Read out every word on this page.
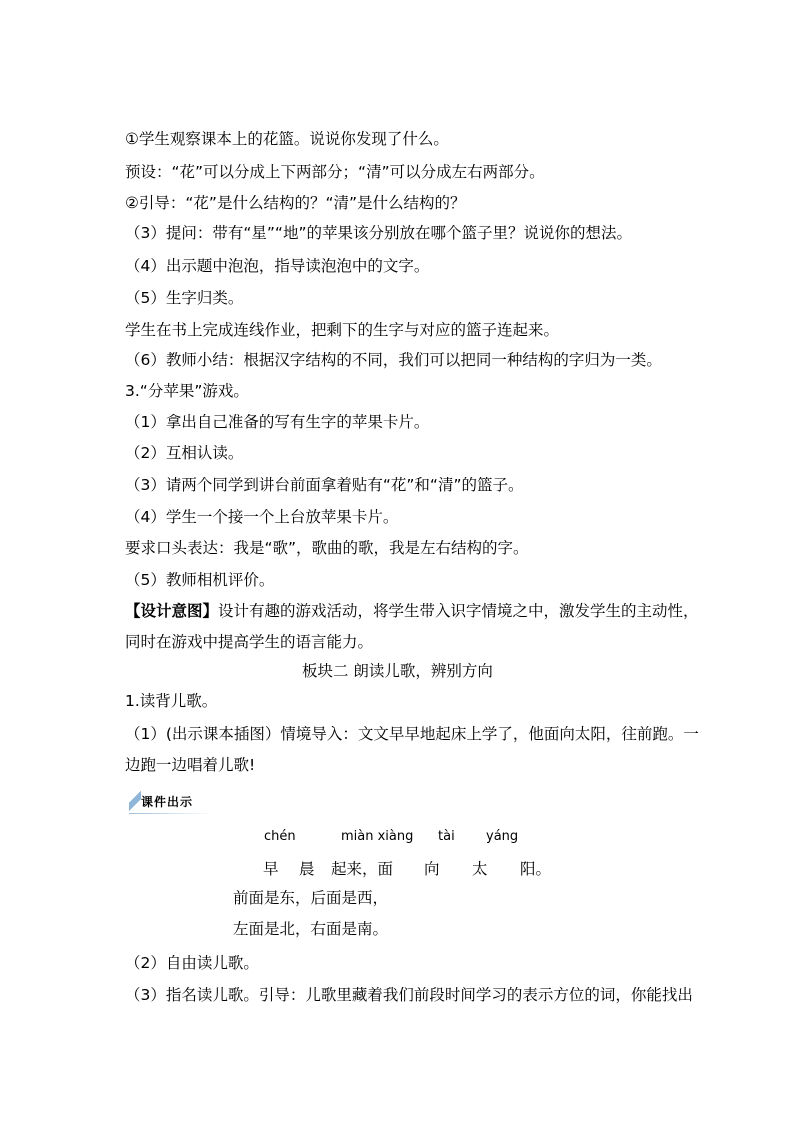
①学生观察课本上的花篮。说说你发现了什么。
预设：“花”可以分成上下两部分；“清”可以分成左右两部分。
②引导：“花”是什么结构的？“清”是什么结构的？
（3）提问：带有“星”“地”的苹果该分别放在哪个篮子里？说说你的想法。
（4）出示题中泡泡，指导读泡泡中的文字。
（5）生字归类。
学生在书上完成连线作业，把剩下的生字与对应的篮子连起来。
（6）教师小结：根据汉字结构的不同，我们可以把同一种结构的字归为一类。
3.“分苹果”游戏。
（1）拿出自己准备的写有生字的苹果卡片。
（2）互相认读。
（3）请两个同学到讲台前面拿着贴有“花”和“清”的篮子。
（4）学生一个接一个上台放苹果卡片。
要求口头表达：我是“歌”，歌曲的歌，我是左右结构的字。
（5）教师相机评价。
【设计意图】设计有趣的游戏活动，将学生带入识字情境之中，激发学生的主动性，
同时在游戏中提高学生的语言能力。
板块二 朗读儿歌，辨别方向
1.读背儿歌。
（1）(出示课本插图）情境导入：文文早早地起床上学了，他面向太阳，往前跑。一
边跑一边唱着儿歌!
课件出示
chén	miàn xiàng tài yáng
早 晨 起来，面 向 太 阳。
前面是东，后面是西，
左面是北，右面是南。
（2）自由读儿歌。
（3）指名读儿歌。引导：儿歌里藏着我们前段时间学习的表示方位的词，你能找出
